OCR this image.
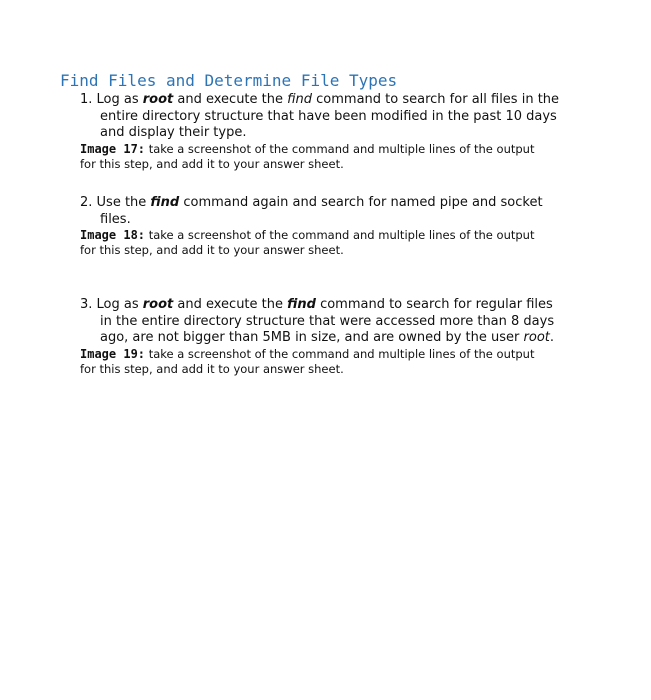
Find Files and Determine File Types
1. Log as root and execute the find command to search for all files in the
entire directory structure that have been modified in the past 10 days
and display their type.
Image 17: take a screenshot of the command and multiple lines of the output
for this step, and add it to your answer sheet.
2. Use the find command again and search for named pipe and socket
files.
Image 18: take a screenshot of the command and multiple lines of the output
for this step, and add it to your answer sheet.
3. Log as root and execute the find command to search for regular files
in the entire directory structure that were accessed more than 8 days
ago, are not bigger than 5MB in size, and are owned by the user root.
Image 19: take a screenshot of the command and multiple lines of the output
for this step, and add it to your answer sheet.
